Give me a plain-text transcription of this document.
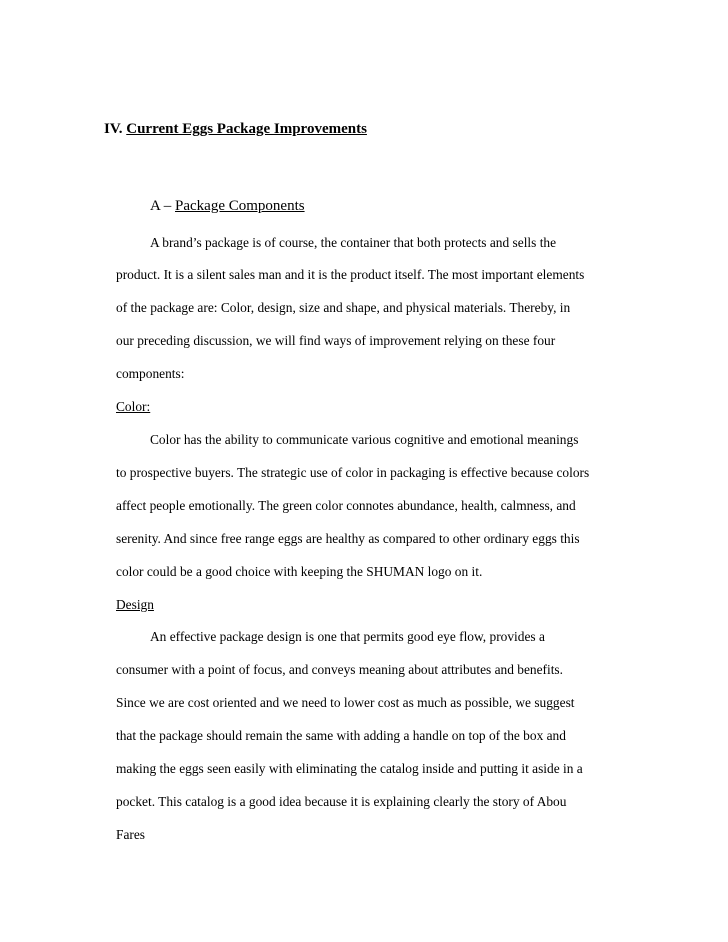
IV. Current Eggs Package Improvements
A – Package Components

A brand’s package is of course, the container that both protects and sells the

product. It is a silent sales man and it is the product itself. The most important elements

of the package are: Color, design, size and shape, and physical materials. Thereby, in

our preceding discussion, we will find ways of improvement relying on these four

components:

Color:

Color has the ability to communicate various cognitive and emotional meanings

to prospective buyers. The strategic use of color in packaging is effective because colors

affect people emotionally. The green color connotes abundance, health, calmness, and

serenity. And since free range eggs are healthy as compared to other ordinary eggs this

color could be a good choice with keeping the SHUMAN logo on it.

Design

An effective package design is one that permits good eye flow, provides a

consumer with a point of focus, and conveys meaning about attributes and benefits.

Since we are cost oriented and we need to lower cost as much as possible, we suggest

that the package should remain the same with adding a handle on top of the box and

making the eggs seen easily with eliminating the catalog inside and putting it aside in a

pocket. This catalog is a good idea because it is explaining clearly the story of Abou

Fares
